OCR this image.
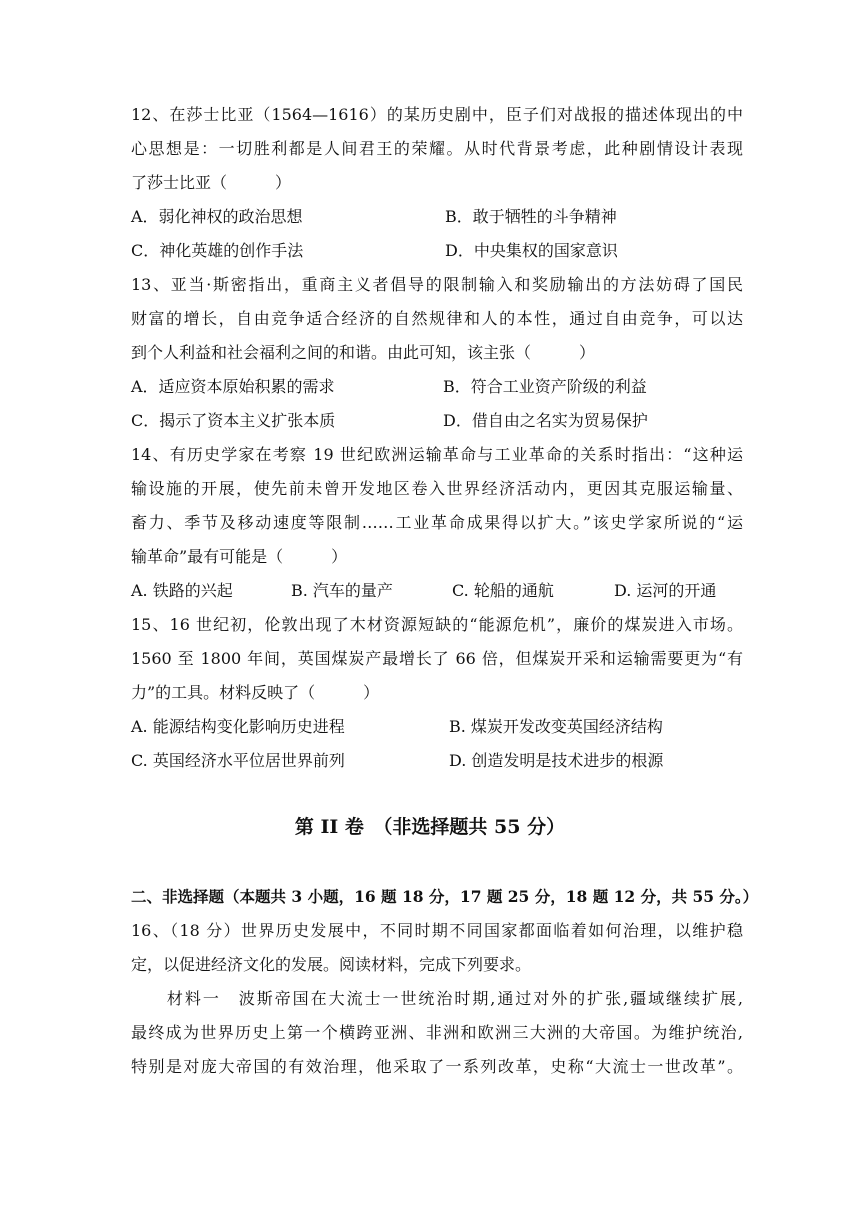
12、在莎士比亚（1564—1616）的某历史剧中，臣子们对战报的描述体现出的中
心思想是：一切胜利都是人间君王的荣耀。从时代背景考虑，此种剧情设计表现
了莎士比亚（　　　）
A．弱化神权的政治思想	B．敢于牺牲的斗争精神
C．神化英雄的创作手法	D．中央集权的国家意识
13、亚当·斯密指出，重商主义者倡导的限制输入和奖励输出的方法妨碍了国民
财富的增长，自由竞争适合经济的自然规律和人的本性，通过自由竞争，可以达
到个人利益和社会福利之间的和谐。由此可知，该主张（　　　）
A．适应资本原始积累的需求	B．符合工业资产阶级的利益
C．揭示了资本主义扩张本质	D．借自由之名实为贸易保护
14、有历史学家在考察 19 世纪欧洲运输革命与工业革命的关系时指出：“这种运
输设施的开展，使先前未曾开发地区卷入世界经济活动内，更因其克服运输量、
畜力、季节及移动速度等限制……工业革命成果得以扩大。”该史学家所说的“运
输革命”最有可能是（　　　）
A. 铁路的兴起	B. 汽车的量产	C. 轮船的通航	D. 运河的开通
15、16 世纪初，伦敦出现了木材资源短缺的“能源危机”，廉价的煤炭进入市场。
1560 至 1800 年间，英国煤炭产最增长了 66 倍，但煤炭开采和运输需要更为“有
力”的工具。材料反映了（　　　）
A. 能源结构变化影响历史进程	B. 煤炭开发改变英国经济结构
C. 英国经济水平位居世界前列	D. 创造发明是技术进步的根源
第 II 卷　（非选择题共 55 分）
二、非选择题（本题共 3 小题，16 题 18 分，17 题 25 分，18 题 12 分，共 55 分。）
16、（18 分）世界历史发展中，不同时期不同国家都面临着如何治理，以维护稳
定，以促进经济文化的发展。阅读材料，完成下列要求。
　　材料一　波斯帝国在大流士一世统治时期,通过对外的扩张,疆域继续扩展,
最终成为世界历史上第一个横跨亚洲、非洲和欧洲三大洲的大帝国。为维护统治,
特别是对庞大帝国的有效治理，他采取了一系列改革，史称“大流士一世改革”。
